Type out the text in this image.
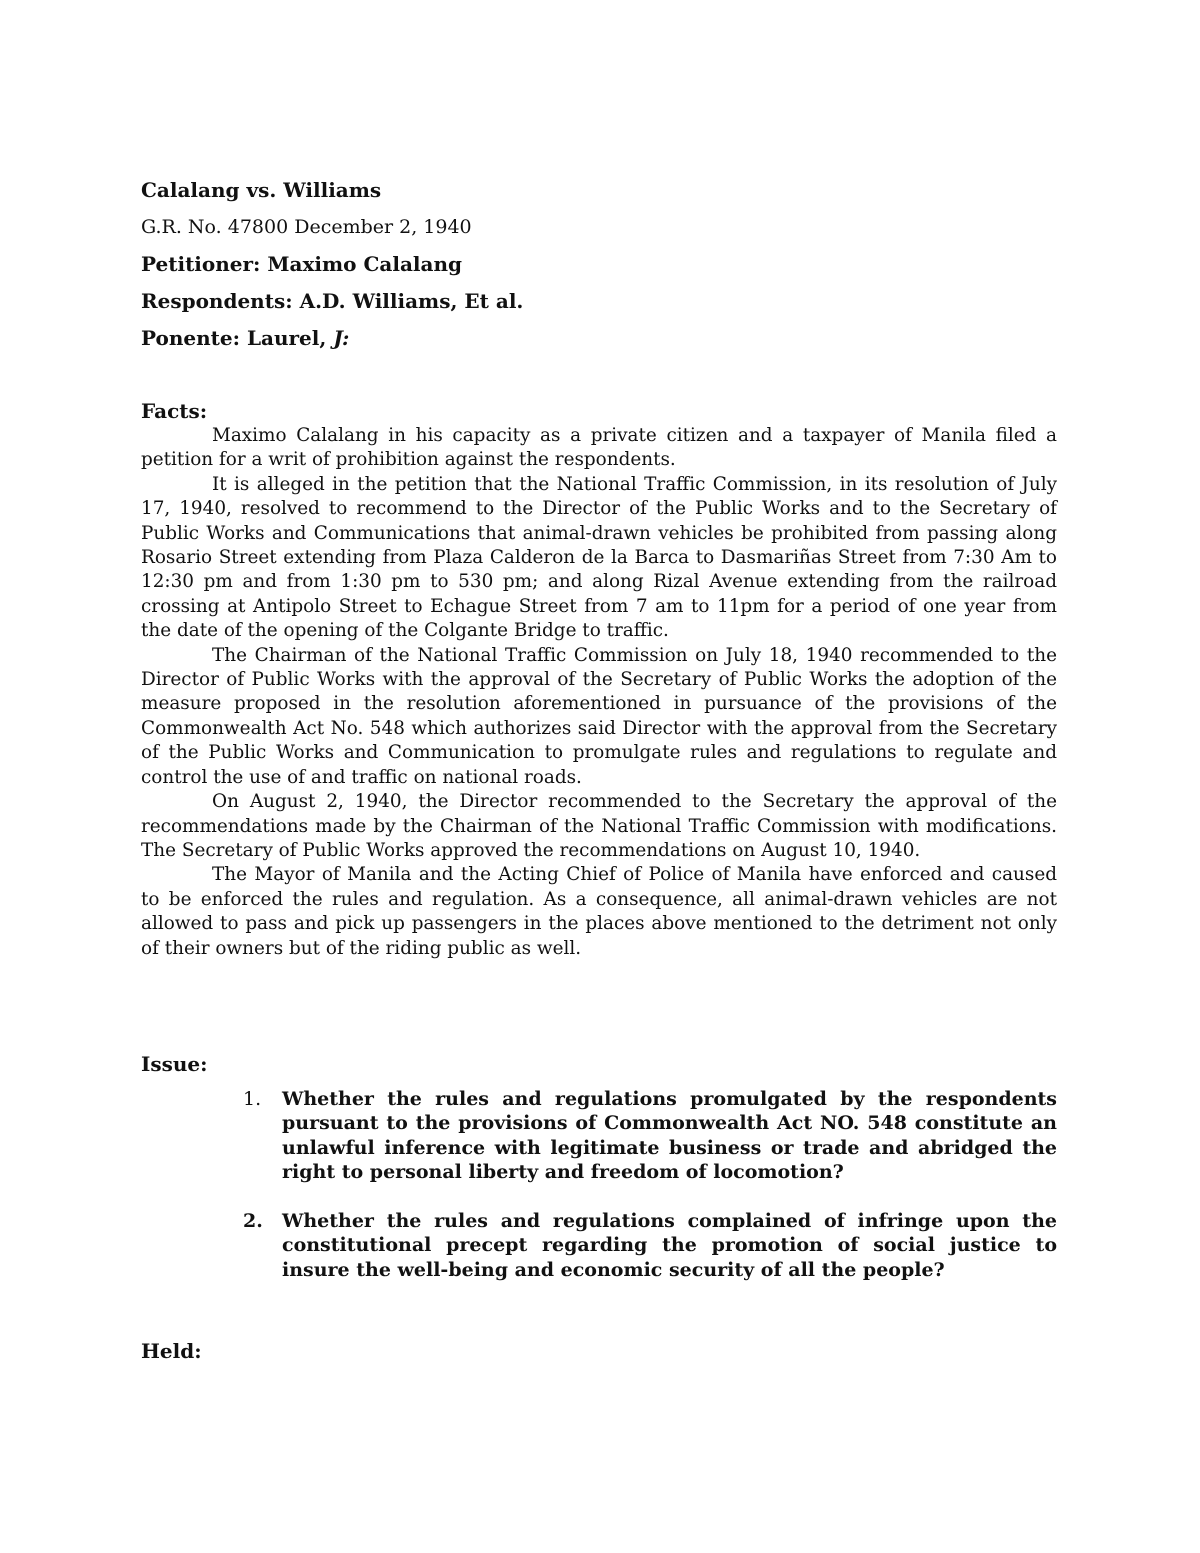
Calalang vs. Williams
G.R. No. 47800 December 2, 1940
Petitioner: Maximo Calalang
Respondents: A.D. Williams, Et al.
Ponente: Laurel, J:
Facts:

Maximo Calalang in his capacity as a private citizen and a taxpayer of Manila filed a petition for a writ of prohibition against the respondents.

It is alleged in the petition that the National Traffic Commission, in its resolution of July 17, 1940, resolved to recommend to the Director of the Public Works and to the Secretary of Public Works and Communications that animal-drawn vehicles be prohibited from passing along Rosario Street extending from Plaza Calderon de la Barca to Dasmariñas Street from 7:30 Am to 12:30 pm and from 1:30 pm to 530 pm; and along Rizal Avenue extending from the railroad crossing at Antipolo Street to Echague Street from 7 am to 11pm for a period of one year from the date of the opening of the Colgante Bridge to traffic.

The Chairman of the National Traffic Commission on July 18, 1940 recommended to the Director of Public Works with the approval of the Secretary of Public Works the adoption of the measure proposed in the resolution aforementioned in pursuance of the provisions of the Commonwealth Act No. 548 which authorizes said Director with the approval from the Secretary of the Public Works and Communication to promulgate rules and regulations to regulate and control the use of and traffic on national roads.

On August 2, 1940, the Director recommended to the Secretary the approval of the recommendations made by the Chairman of the National Traffic Commission with modifications. The Secretary of Public Works approved the recommendations on August 10, 1940.

The Mayor of Manila and the Acting Chief of Police of Manila have enforced and caused to be enforced the rules and regulation. As a consequence, all animal-drawn vehicles are not allowed to pass and pick up passengers in the places above mentioned to the detriment not only of their owners but of the riding public as well.

Issue:
1. Whether the rules and regulations promulgated by the respondents pursuant to the provisions of Commonwealth Act NO. 548 constitute an unlawful inference with legitimate business or trade and abridged the right to personal liberty and freedom of locomotion?
2. Whether the rules and regulations complained of infringe upon the constitutional precept regarding the promotion of social justice to insure the well-being and economic security of all the people?
Held:
